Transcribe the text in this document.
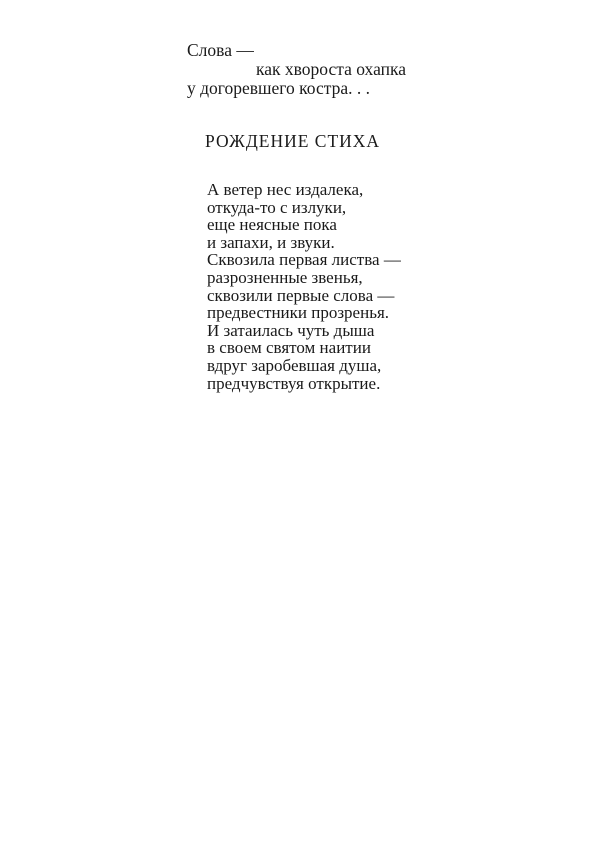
Слова —

как хвороста охапка

у догоревшего костра. . .

РОЖДЕНИЕ СТИХА
А ветер нес издалека,
откуда-то с излуки,
еще неясные пока
и запахи, и звуки.
Сквозила первая листва —
разрозненные звенья,
сквозили первые слова —
предвестники прозренья.
И затаилась чуть дыша
в своем святом наитии
вдруг заробевшая душа,
предчувствуя открытие.
